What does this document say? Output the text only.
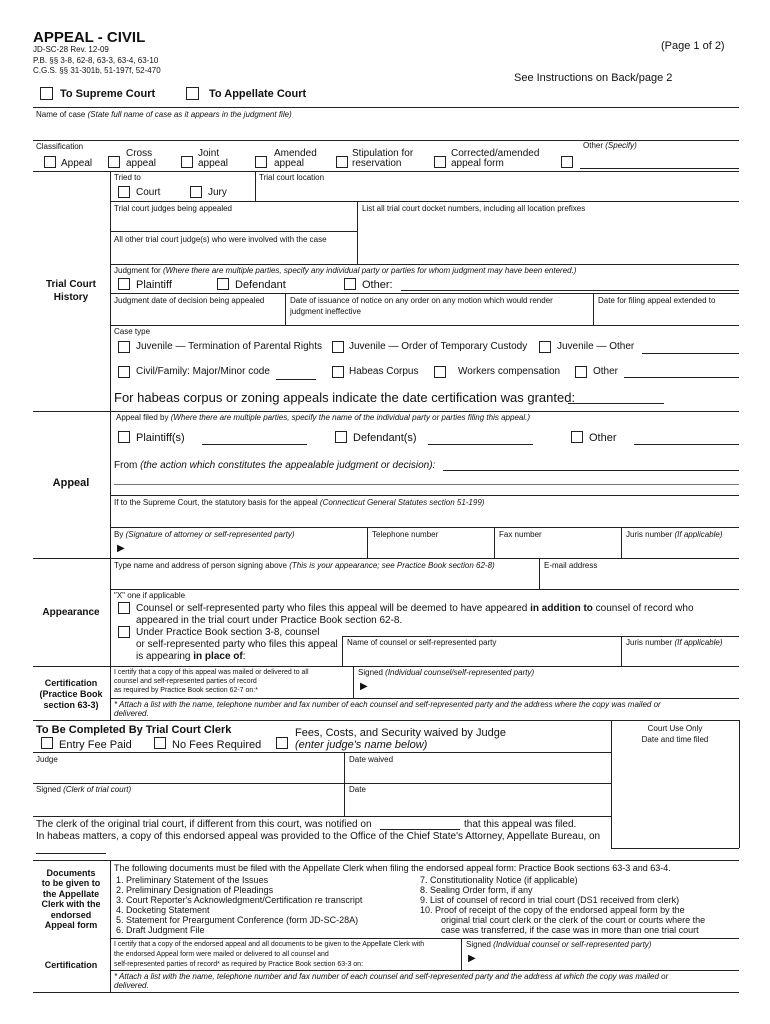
APPEAL - CIVIL
JD-SC-28 Rev. 12-09
P.B. §§ 3-8, 62-8, 63-3, 63-4, 63-10
C.G.S. §§ 31-301b, 51-197f, 52-470
(Page 1 of 2)
See Instructions on Back/page 2
To Supreme Court	To Appellate Court
Name of case (State full name of case as it appears in the judgment file)
Classification
Appeal
Cross
appeal
Joint
appeal
Amended
appeal
Stipulation for
reservation
Corrected/amended
appeal form
Other (Specify)
Trial Court
History
Tried to
Court	Jury
Trial court location
Trial court judges being appealed	List all trial court docket numbers, including all location prefixes
All other trial court judge(s) who were involved with the case
Judgment for (Where there are multiple parties, specify any individual party or parties for whom judgment may have been entered.)
Plaintiff	Defendant	Other:
Judgment date of decision being appealed	Date of issuance of notice on any order on any motion which would render
judgment ineffective
Date for filing appeal extended to
Case type
Juvenile — Termination of Parental Rights	Juvenile — Order of Temporary Custody	Juvenile — Other
Civil/Family: Major/Minor code	Habeas Corpus	Workers compensation	Other
For habeas corpus or zoning appeals indicate the date certification was granted:
Appeal
Appeal filed by (Where there are multiple parties, specify the name of the individual party or parties filing this appeal.)
Plaintiff(s)	Defendant(s)	Other
From (the action which constitutes the appealable judgment or decision):
If to the Supreme Court, the statutory basis for the appeal (Connecticut General Statutes section 51-199)
By (Signature of attorney or self-represented party)
▶
Telephone number	Fax number	Juris number (If applicable)
Appearance
Type name and address of person signing above (This is your appearance; see Practice Book section 62-8)	E-mail address
"X" one if applicable
Counsel or self-represented party who files this appeal will be deemed to have appeared in addition to counsel of record who
appeared in the trial court under Practice Book section 62-8.
Under Practice Book section 3-8, counsel
or self-represented party who files this appeal
is appearing in place of:
Name of counsel or self-represented party	Juris number (If applicable)
Certification
(Practice Book
section 63-3)
I certify that a copy of this appeal was mailed or delivered to all
counsel and self-represented parties of record
as required by Practice Book section 62-7 on:*
Signed (Individual counsel/self-represented party)
▶
* Attach a list with the name, telephone number and fax number of each counsel and self-represented party and the address where the copy was mailed or
delivered.
To Be Completed By Trial Court Clerk
Entry Fee Paid	No Fees Required
Fees, Costs, and Security waived by Judge
(enter judge's name below)
Court Use Only
Date and time filed
Judge	Date waived
Signed (Clerk of trial court)	Date
The clerk of the original trial court, if different from this court, was notified on	that this appeal was filed.
In habeas matters, a copy of this endorsed appeal was provided to the Office of the Chief State's Attorney, Appellate Bureau, on
Documents
to be given to
the Appellate
Clerk with the
endorsed
Appeal form
The following documents must be filed with the Appellate Clerk when filing the endorsed appeal form: Practice Book sections 63-3 and 63-4.
1. Preliminary Statement of the Issues
2. Preliminary Designation of Pleadings
3. Court Reporter's Acknowledgment/Certification re transcript
4. Docketing Statement
5. Statement for Preargument Conference (form JD-SC-28A)
6. Draft Judgment File
7. Constitutionality Notice (if applicable)
8. Sealing Order form, if any
9. List of counsel of record in trial court (DS1 received from clerk)
10. Proof of receipt of the copy of the endorsed appeal form by the
original trial court clerk or the clerk of the court or courts where the
case was transferred, if the case was in more than one trial court
Certification
I certify that a copy of the endorsed appeal and all documents to be given to the Appellate Clerk with
the endorsed Appeal form were mailed or delivered to all counsel and
self-represented parties of record* as required by Practice Book section 63-3 on:
Signed (Individual counsel or self-represented party)
▶
* Attach a list with the name, telephone number and fax number of each counsel and self-represented party and the address at which the copy was mailed or
delivered.
